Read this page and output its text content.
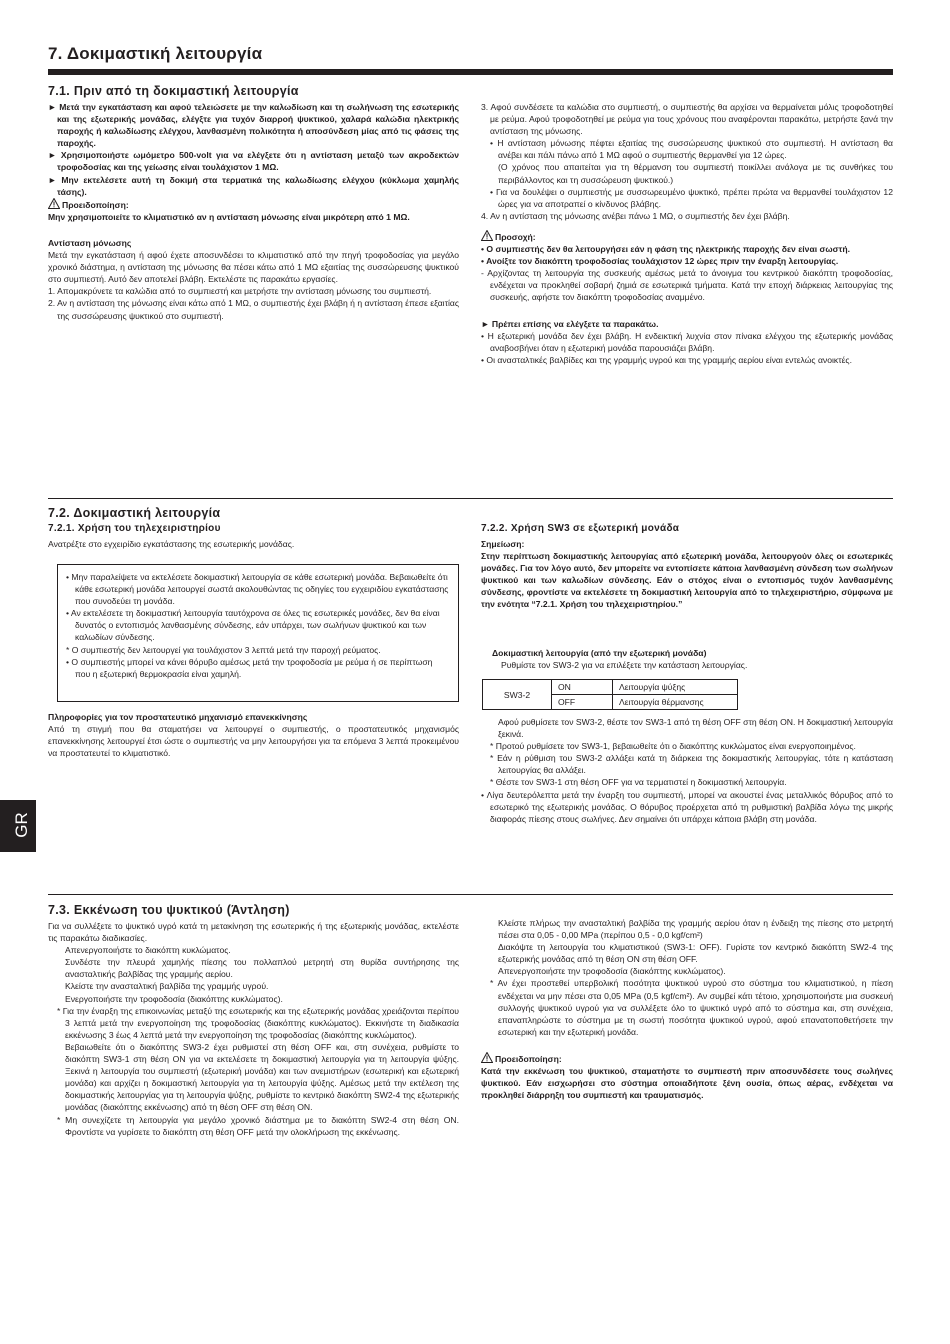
7. Δοκιμαστική λειτουργία
7.1. Πριν από τη δοκιμαστική λειτουργία

► Μετά την εγκατάσταση και αφού τελειώσετε με την καλωδίωση και τη σωλήνωση της εσωτερικής και της εξωτερικής μονάδας, ελέγξτε για τυχόν διαρροή ψυκτικού, χαλαρά καλώδια ηλεκτρικής παροχής ή καλωδίωσης ελέγχου, λανθασμένη πολικότητα ή αποσύνδεση μίας από τις φάσεις της παροχής.

► Χρησιμοποιήστε ωμόμετρο 500-volt για να ελέγξετε ότι η αντίσταση μεταξύ των ακροδεκτών τροφοδοσίας και της γείωσης είναι τουλάχιστον 1 MΩ.

► Μην εκτελέσετε αυτή τη δοκιμή στα τερματικά της καλωδίωσης ελέγχου (κύκλωμα χαμηλής τάσης).

Προειδοποίηση:

Μην χρησιμοποιείτε το κλιματιστικό αν η αντίσταση μόνωσης είναι μικρότερη από 1 MΩ.

Αντίσταση μόνωσης

Μετά την εγκατάσταση ή αφού έχετε αποσυνδέσει το κλιματιστικό από την πηγή τροφοδοσίας για μεγάλο χρονικό διάστημα, η αντίσταση της μόνωσης θα πέσει κάτω από 1 MΩ εξαιτίας της συσσώρευσης ψυκτικού στο συμπιεστή. Αυτό δεν αποτελεί βλάβη. Εκτελέστε τις παρακάτω εργασίες.

1. Απομακρύνετε τα καλώδια από το συμπιεστή και μετρήστε την αντίσταση μόνωσης του συμπιεστή.

2. Αν η αντίσταση της μόνωσης είναι κάτω από 1 MΩ, ο συμπιεστής έχει βλάβη ή η αντίσταση έπεσε εξαιτίας της συσσώρευσης ψυκτικού στο συμπιεστή.

3. Αφού συνδέσετε τα καλώδια στο συμπιεστή, ο συμπιεστής θα αρχίσει να θερμαίνεται μόλις τροφοδοτηθεί με ρεύμα. Αφού τροφοδοτηθεί με ρεύμα για τους χρόνους που αναφέρονται παρακάτω, μετρήστε ξανά την αντίσταση της μόνωσης.

• Η αντίσταση μόνωσης πέφτει εξαιτίας της συσσώρευσης ψυκτικού στο συμπιεστή. Η αντίσταση θα ανέβει και πάλι πάνω από 1 MΩ αφού ο συμπιεστής θερμανθεί για 12 ώρες.

(Ο χρόνος που απαιτείται για τη θέρμανση του συμπιεστή ποικίλλει ανάλογα με τις συνθήκες του περιβάλλοντος και τη συσσώρευση ψυκτικού.)

• Για να δουλέψει ο συμπιεστής με συσσωρευμένο ψυκτικό, πρέπει πρώτα να θερμανθεί τουλάχιστον 12 ώρες για να αποτραπεί ο κίνδυνος βλάβης.

4. Αν η αντίσταση της μόνωσης ανέβει πάνω 1 MΩ, ο συμπιεστής δεν έχει βλάβη.

Προσοχή:

• Ο συμπιεστής δεν θα λειτουργήσει εάν η φάση της ηλεκτρικής παροχής δεν είναι σωστή.

• Ανοίξτε τον διακόπτη τροφοδοσίας τουλάχιστον 12 ώρες πριν την έναρξη λειτουργίας.

- Αρχίζοντας τη λειτουργία της συσκευής αμέσως μετά το άνοιγμα του κεντρικού διακόπτη τροφοδοσίας, ενδέχεται να προκληθεί σοβαρή ζημιά σε εσωτερικά τμήματα. Κατά την εποχή διάρκειας λειτουργίας της συσκευής, αφήστε τον διακόπτη τροφοδοσίας αναμμένο.

► Πρέπει επίσης να ελέγξετε τα παρακάτω.

• Η εξωτερική μονάδα δεν έχει βλάβη. Η ενδεικτική λυχνία στον πίνακα ελέγχου της εξωτερικής μονάδας αναβοσβήνει όταν η εξωτερική μονάδα παρουσιάζει βλάβη.

• Οι ανασταλτικές βαλβίδες και της γραμμής υγρού και της γραμμής αερίου είναι εντελώς ανοικτές.

7.2. Δοκιμαστική λειτουργία
7.2.1. Χρήση του τηλεχειριστηρίου
Ανατρέξτε στο εγχειρίδιο εγκατάστασης της εσωτερικής μονάδας.

• Μην παραλείψετε να εκτελέσετε δοκιμαστική λειτουργία σε κάθε εσωτερική μονάδα. Βεβαιωθείτε ότι κάθε εσωτερική μονάδα λειτουργεί σωστά ακολουθώντας τις οδηγίες του εγχειριδίου εγκατάστασης που συνοδεύει τη μονάδα.

• Αν εκτελέσετε τη δοκιμαστική λειτουργία ταυτόχρονα σε όλες τις εσωτερικές μονάδες, δεν θα είναι δυνατός ο εντοπισμός λανθασμένης σύνδεσης, εάν υπάρχει, των σωλήνων ψυκτικού και των καλωδίων σύνδεσης.

* Ο συμπιεστής δεν λειτουργεί για τουλάχιστον 3 λεπτά μετά την παροχή ρεύματος.

• Ο συμπιεστής μπορεί να κάνει θόρυβο αμέσως μετά την τροφοδοσία με ρεύμα ή σε περίπτωση που η εξωτερική θερμοκρασία είναι χαμηλή.

Πληροφορίες για τον προστατευτικό μηχανισμό επανεκκίνησης

Από τη στιγμή που θα σταματήσει να λειτουργεί ο συμπιεστής, ο προστατευτικός μηχανισμός επανεκκίνησης λειτουργεί έτσι ώστε ο συμπιεστής να μην λειτουργήσει για τα επόμενα 3 λεπτά προκειμένου να προστατευτεί το κλιματιστικό.

7.2.2. Χρήση SW3 σε εξωτερική μονάδα

Σημείωση:

Στην περίπτωση δοκιμαστικής λειτουργίας από εξωτερική μονάδα, λειτουργούν όλες οι εσωτερικές μονάδες. Για τον λόγο αυτό, δεν μπορείτε να εντοπίσετε κάποια λανθασμένη σύνδεση των σωλήνων ψυκτικού και των καλωδίων σύνδεσης. Εάν ο στόχος είναι ο εντοπισμός τυχόν λανθασμένης σύνδεσης, φροντίστε να εκτελέσετε τη δοκιμαστική λειτουργία από το τηλεχειριστήριο, σύμφωνα με την ενότητα “7.2.1. Χρήση του τηλεχειριστηρίου.”

Δοκιμαστική λειτουργία (από την εξωτερική μονάδα)

Ρυθμίστε τον SW3-2 για να επιλέξετε την κατάσταση λειτουργίας.

SW3-2	ON	Λειτουργία ψύξης
	OFF	Λειτουργία θέρμανσης

Αφού ρυθμίσετε τον SW3-2, θέστε τον SW3-1 από τη θέση OFF στη θέση ON. Η δοκιμαστική λειτουργία ξεκινά.

* Προτού ρυθμίσετε τον SW3-1, βεβαιωθείτε ότι ο διακόπτης κυκλώματος είναι ενεργοποιημένος.

* Εάν η ρύθμιση του SW3-2 αλλάξει κατά τη διάρκεια της δοκιμαστικής λειτουργίας, τότε η κατάσταση λειτουργίας θα αλλάξει.

* Θέστε τον SW3-1 στη θέση OFF για να τερματιστεί η δοκιμαστική λειτουργία.

• Λίγα δευτερόλεπτα μετά την έναρξη του συμπιεστή, μπορεί να ακουστεί ένας μεταλλικός θόρυβος από το εσωτερικό της εξωτερικής μονάδας. Ο θόρυβος προέρχεται από τη ρυθμιστική βαλβίδα λόγω της μικρής διαφοράς πίεσης στους σωλήνες. Δεν σημαίνει ότι υπάρχει κάποια βλάβη στη μονάδα.

7.3. Εκκένωση του ψυκτικού (Άντληση)

Για να συλλέξετε το ψυκτικό υγρό κατά τη μετακίνηση της εσωτερικής ή της εξωτερικής μονάδας, εκτελέστε τις παρακάτω διαδικασίες.

Απενεργοποιήστε το διακόπτη κυκλώματος.

Συνδέστε την πλευρά χαμηλής πίεσης του πολλαπλού μετρητή στη θυρίδα συντήρησης της ανασταλτικής βαλβίδας της γραμμής αερίου.

Κλείστε την ανασταλτική βαλβίδα της γραμμής υγρού.

Ενεργοποιήστε την τροφοδοσία (διακόπτης κυκλώματος).

* Για την έναρξη της επικοινωνίας μεταξύ της εσωτερικής και της εξωτερικής μονάδας χρειάζονται περίπου 3 λεπτά μετά την ενεργοποίηση της τροφοδοσίας (διακόπτης κυκλώματος). Εκκινήστε τη διαδικασία εκκένωσης 3 έως 4 λεπτά μετά την ενεργοποίηση της τροφοδοσίας (διακόπτης κυκλώματος).

Βεβαιωθείτε ότι ο διακόπτης SW3-2 έχει ρυθμιστεί στη θέση OFF και, στη συνέχεια, ρυθμίστε το διακόπτη SW3-1 στη θέση ON για να εκτελέσετε τη δοκιμαστική λειτουργία για τη λειτουργία ψύξης. Ξεκινά η λειτουργία του συμπιεστή (εξωτερική μονάδα) και των ανεμιστήρων (εσωτερική και εξωτερική μονάδα) και αρχίζει η δοκιμαστική λειτουργία για τη λειτουργία ψύξης. Αμέσως μετά την εκτέλεση της δοκιμαστικής λειτουργίας για τη λειτουργία ψύξης, ρυθμίστε το κεντρικό διακόπτη SW2-4 της εξωτερικής μονάδας (διακόπτης εκκένωσης) από τη θέση OFF στη θέση ON.

* Μη συνεχίζετε τη λειτουργία για μεγάλο χρονικό διάστημα με το διακόπτη SW2-4 στη θέση ON. Φροντίστε να γυρίσετε το διακόπτη στη θέση OFF μετά την ολοκλήρωση της εκκένωσης.

Κλείστε πλήρως την ανασταλτική βαλβίδα της γραμμής αερίου όταν η ένδειξη της πίεσης στο μετρητή πέσει στα 0,05 - 0,00 MPa (περίπου 0,5 - 0,0 kgf/cm²)

Διακόψτε τη λειτουργία του κλιματιστικού (SW3-1: OFF). Γυρίστε τον κεντρικό διακόπτη SW2-4 της εξωτερικής μονάδας από τη θέση ON στη θέση OFF.

Απενεργοποιήστε την τροφοδοσία (διακόπτης κυκλώματος).

* Αν έχει προστεθεί υπερβολική ποσότητα ψυκτικού υγρού στο σύστημα του κλιματιστικού, η πίεση ενδέχεται να μην πέσει στα 0,05 MPa (0,5 kgf/cm²). Αν συμβεί κάτι τέτοιο, χρησιμοποιήστε μια συσκευή συλλογής ψυκτικού υγρού για να συλλέξετε όλο το ψυκτικό υγρό από το σύστημα και, στη συνέχεια, επαναπληρώστε το σύστημα με τη σωστή ποσότητα ψυκτικού υγρού, αφού επανατοποθετήσετε την εσωτερική και την εξωτερική μονάδα.

Προειδοποίηση:

Κατά την εκκένωση του ψυκτικού, σταματήστε το συμπιεστή πριν αποσυνδέσετε τους σωλήνες ψυκτικού. Εάν εισχωρήσει στο σύστημα οποιαδήποτε ξένη ουσία, όπως αέρας, ενδέχεται να προκληθεί διάρρηξη του συμπιεστή και τραυματισμός.

GR
